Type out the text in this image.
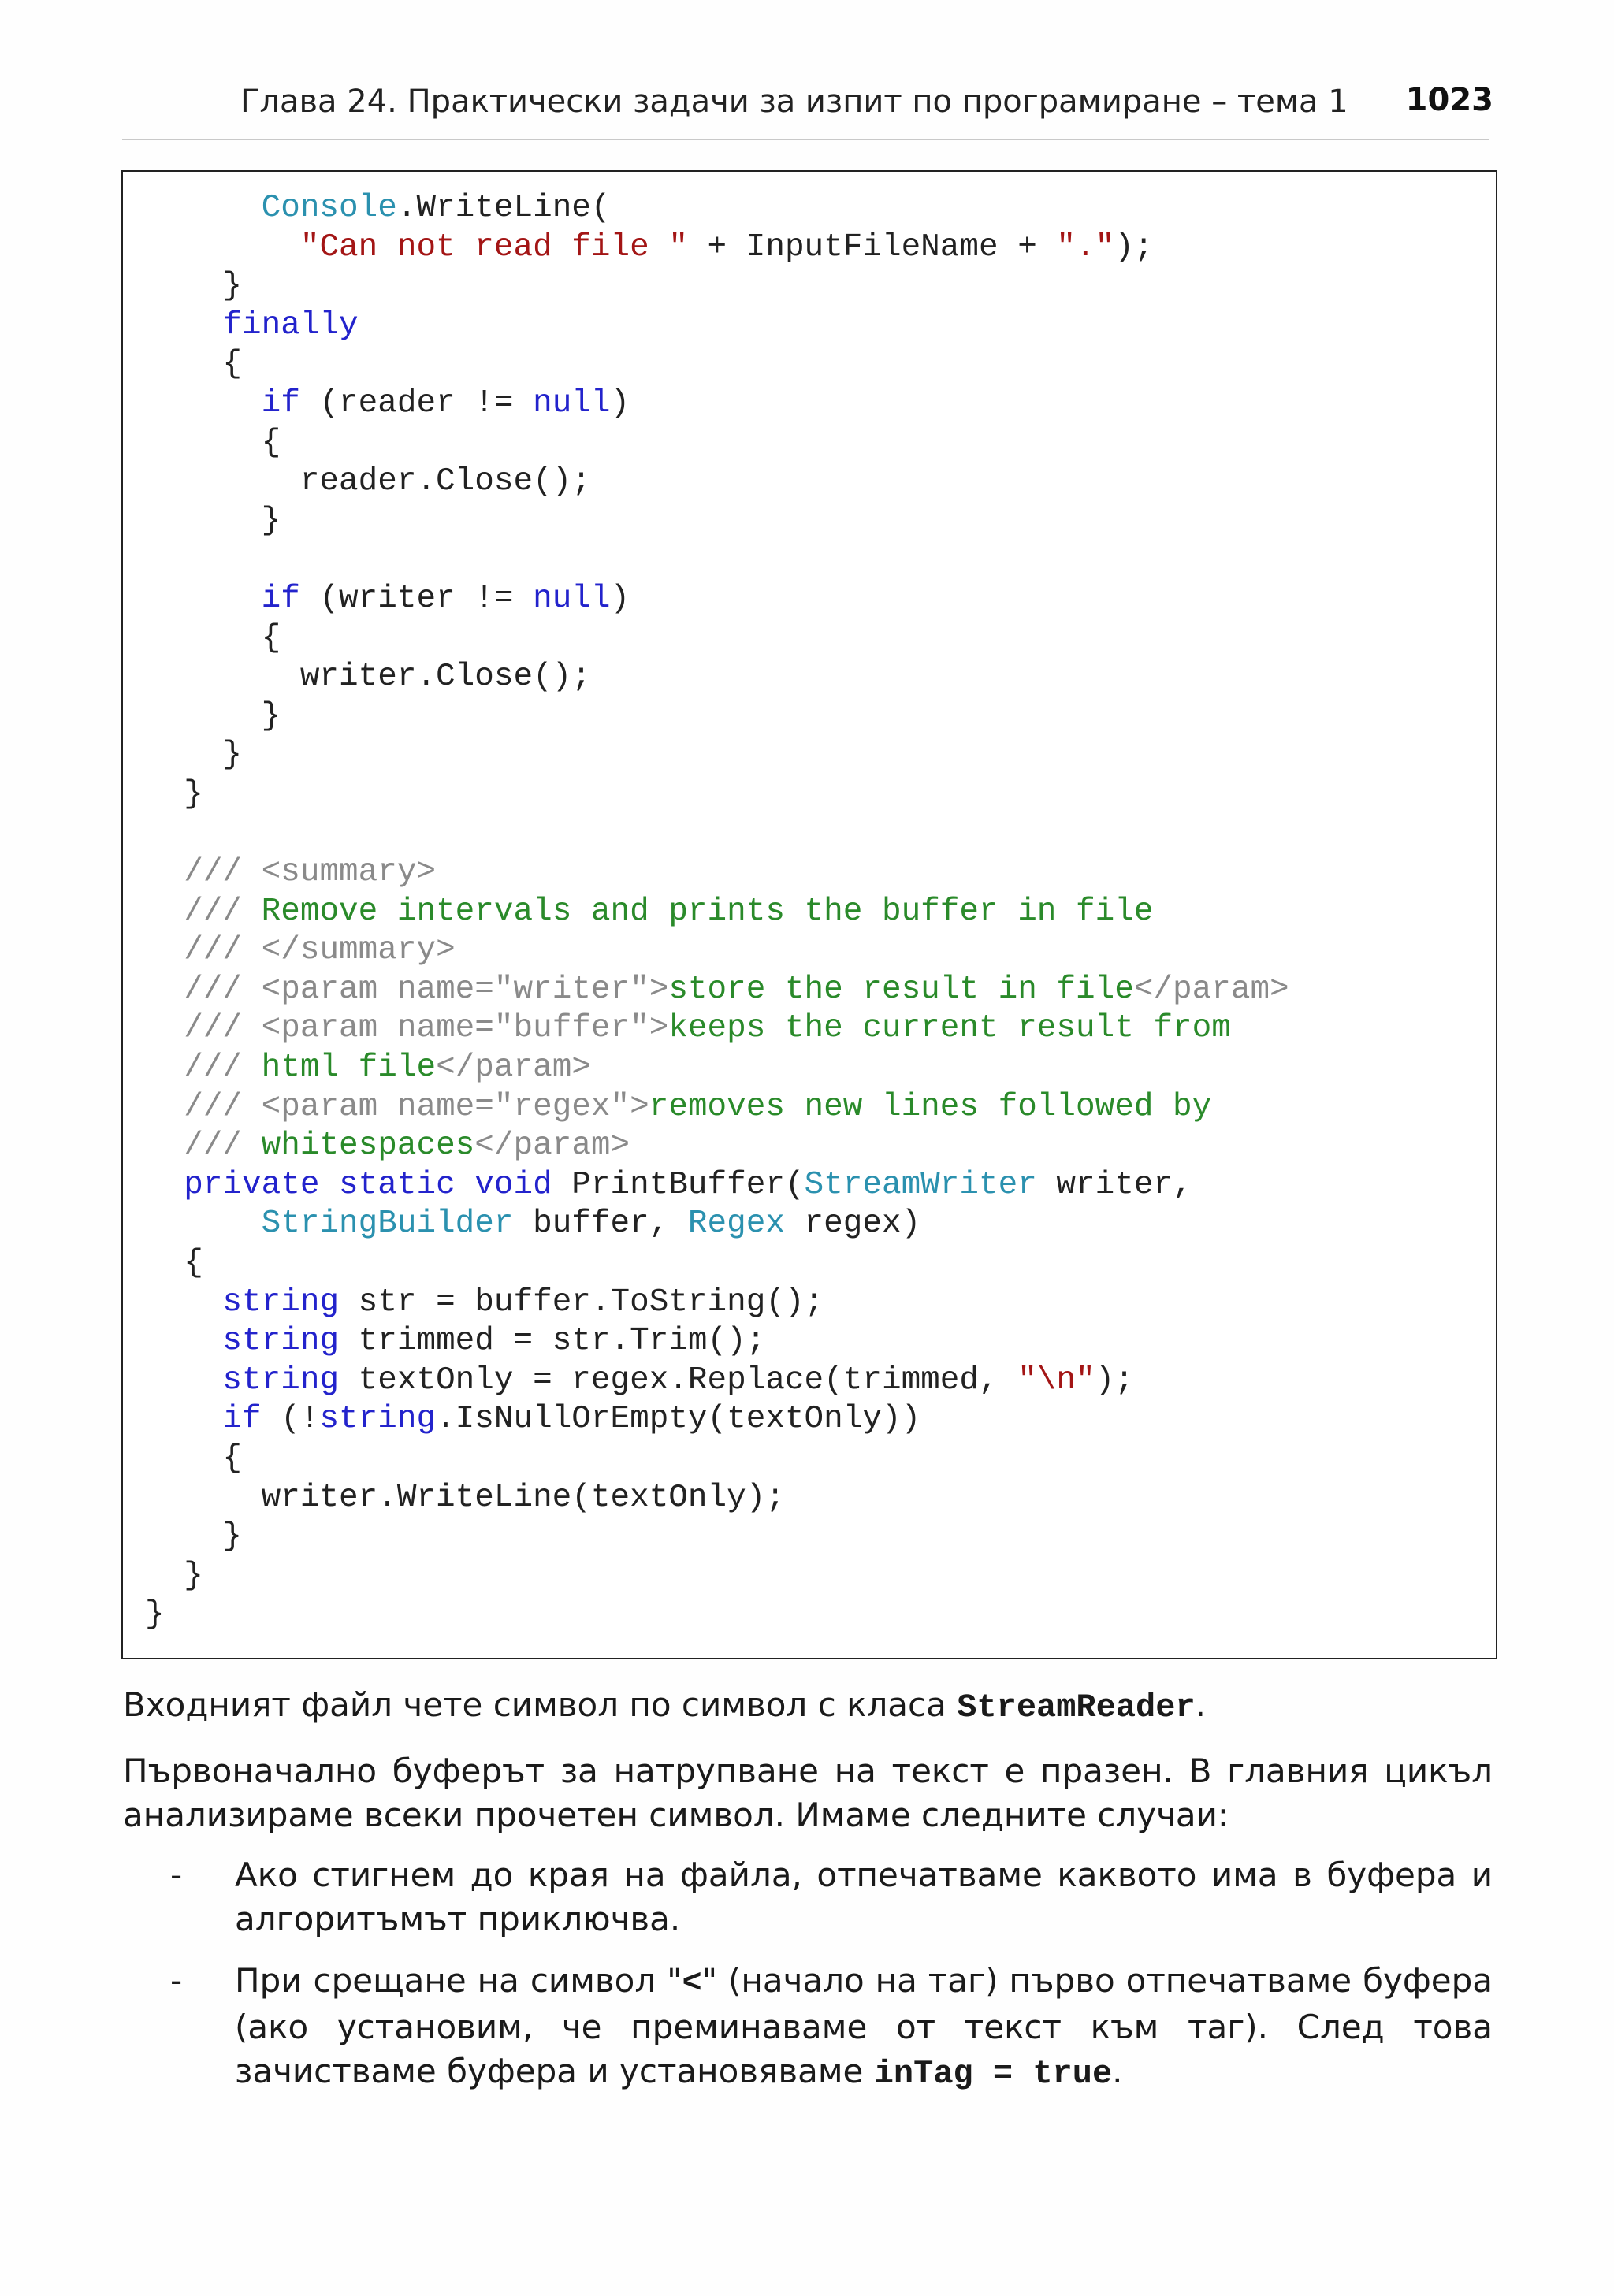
Глава 24. Практически задачи за изпит по програмиране – тема 1 1023
Console.WriteLine(
"Can not read file " + InputFileName + ".");
}
finally
{
if (reader != null)
{
reader.Close();
}
if (writer != null)
{
writer.Close();
}
}
}
/// <summary>
/// Remove intervals and prints the buffer in file
/// </summary>
/// <param name="writer">store the result in file</param>
/// <param name="buffer">keeps the current result from
/// html file</param>
/// <param name="regex">removes new lines followed by
/// whitespaces</param>
private static void PrintBuffer(StreamWriter writer,
StringBuilder buffer, Regex regex)
{
string str = buffer.ToString();
string trimmed = str.Trim();
string textOnly = regex.Replace(trimmed, "\n");
if (!string.IsNullOrEmpty(textOnly))
{
writer.WriteLine(textOnly);
}
}
}
Входният файл чете символ по символ с класа StreamReader.
Първоначално буферът за натрупване на текст е празен. В главния цикъл анализираме всеки прочетен символ. Имаме следните случаи:
- Ако стигнем до края на файла, отпечатваме каквото има в буфера и алгоритъмът приключва.
- При срещане на символ "<" (начало на таг) първо отпечатваме буфера (ако установим, че преминаваме от текст към таг). След това зачистваме буфера и установяваме inTag = true.
